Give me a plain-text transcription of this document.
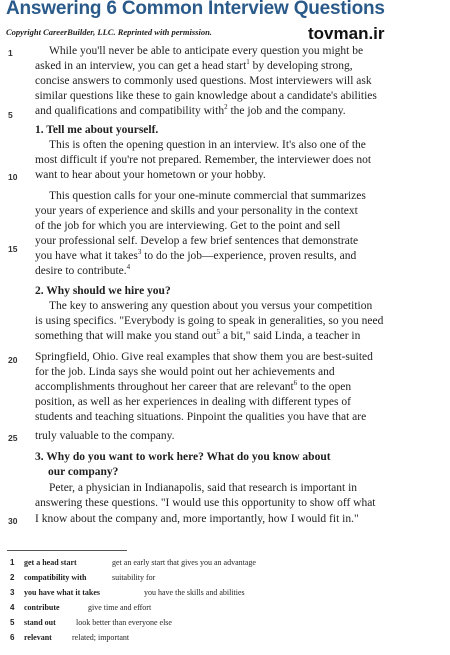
Answering 6 Common Interview Questions
tovman.ir
Copyright CareerBuilder, LLC. Reprinted with permission.
1
5
10
15
20
25
30
While you'll never be able to anticipate every question you might be
asked in an interview, you can get a head start$^1$ by developing strong,
concise answers to commonly used questions. Most interviewers will ask
similar questions like these to gain knowledge about a candidate's abilities
and qualifications and compatibility with$^2$ the job and the company.
1. Tell me about yourself.
This is often the opening question in an interview. It's also one of the
most difficult if you're not prepared. Remember, the interviewer does not
want to hear about your hometown or your hobby.
This question calls for your one-minute commercial that summarizes
your years of experience and skills and your personality in the context
of the job for which you are interviewing. Get to the point and sell
your professional self. Develop a few brief sentences that demonstrate
you have what it takes$^3$ to do the job—experience, proven results, and
desire to contribute.$^4$
2. Why should we hire you?
The key to answering any question about you versus your competition
is using specifics. "Everybody is going to speak in generalities, so you need
something that will make you stand out$^5$ a bit," said Linda, a teacher in
Springfield, Ohio. Give real examples that show them you are best-suited
for the job. Linda says she would point out her achievements and
accomplishments throughout her career that are relevant$^6$ to the open
position, as well as her experiences in dealing with different types of
students and teaching situations. Pinpoint the qualities you have that are
truly valuable to the company.
3. Why do you want to work here? What do you know about
our company?
Peter, a physician in Indianapolis, said that research is important in
answering these questions. "I would use this opportunity to show off what
I know about the company and, more importantly, how I would fit in."
1 get a head start	get an early start that gives you an advantage
2 compatibility with	suitability for
3 you have what it takes	you have the skills and abilities
4 contribute	give time and effort
5 stand out	look better than everyone else
6 relevant	related; important
